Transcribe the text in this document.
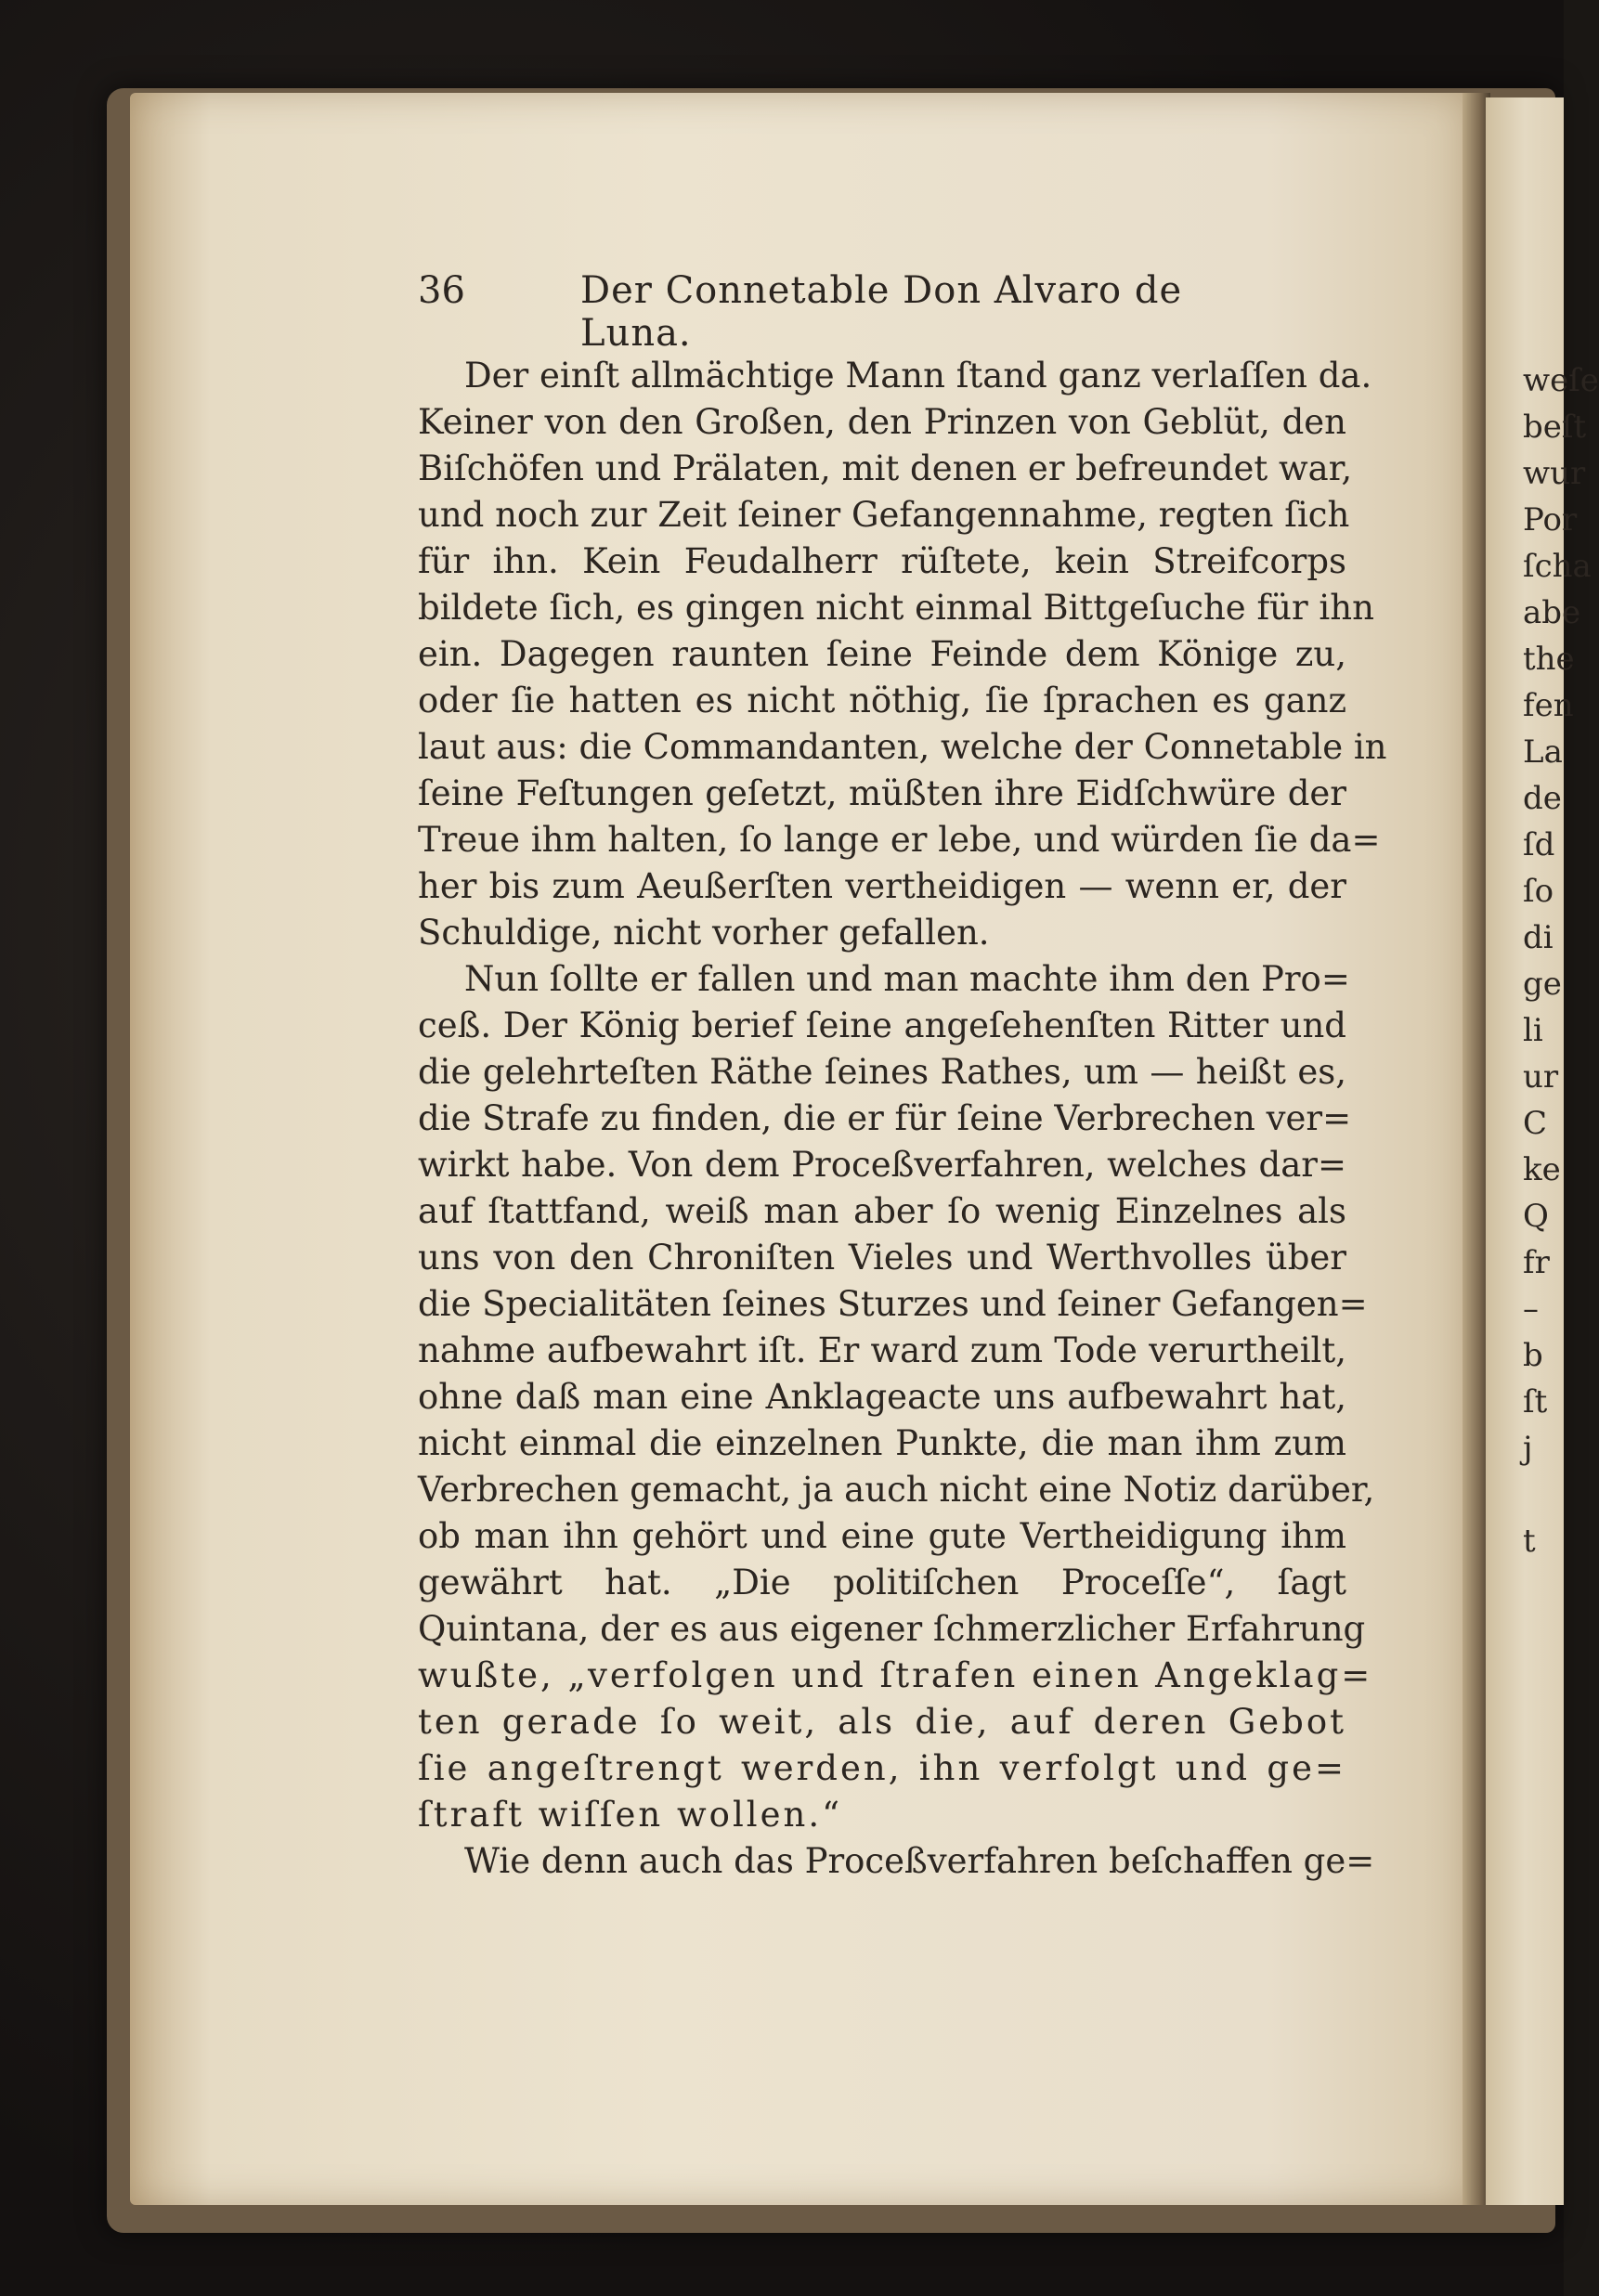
weſe
beſt
wur
Por
ſcha
abe
the
fen
La
de
ſd
ſo
di
ge
li
ur
C
ke
Q
fr
–
b
ſt
j
t
36	Der Connetable Don Alvaro de Luna.
Der einſt allmächtige Mann ſtand ganz verlaſſen da.
Keiner von den Großen, den Prinzen von Geblüt, den
Biſchöfen und Prälaten, mit denen er befreundet war,
und noch zur Zeit ſeiner Gefangennahme, regten ſich
für ihn. Kein Feudalherr rüſtete, kein Streifcorps
bildete ſich, es gingen nicht einmal Bittgeſuche für ihn
ein. Dagegen raunten ſeine Feinde dem Könige zu,
oder ſie hatten es nicht nöthig, ſie ſprachen es ganz
laut aus: die Commandanten, welche der Connetable in
ſeine Feſtungen geſetzt, müßten ihre Eidſchwüre der
Treue ihm halten, ſo lange er lebe, und würden ſie da=
her bis zum Aeußerſten vertheidigen — wenn er, der
Schuldige, nicht vorher gefallen.
Nun ſollte er fallen und man machte ihm den Pro=
ceß. Der König berief ſeine angeſehenſten Ritter und
die gelehrteſten Räthe ſeines Rathes, um — heißt es,
die Strafe zu finden, die er für ſeine Verbrechen ver=
wirkt habe. Von dem Proceßverfahren, welches dar=
auf ſtattfand, weiß man aber ſo wenig Einzelnes als
uns von den Chroniſten Vieles und Werthvolles über
die Specialitäten ſeines Sturzes und ſeiner Gefangen=
nahme aufbewahrt iſt. Er ward zum Tode verurtheilt,
ohne daß man eine Anklageacte uns aufbewahrt hat,
nicht einmal die einzelnen Punkte, die man ihm zum
Verbrechen gemacht, ja auch nicht eine Notiz darüber,
ob man ihn gehört und eine gute Vertheidigung ihm
gewährt hat. „Die politiſchen Proceſſe“, ſagt
Quintana, der es aus eigener ſchmerzlicher Erfahrung
wußte, „verfolgen und ſtrafen einen Angeklag=
ten gerade ſo weit, als die, auf deren Gebot
ſie angeſtrengt werden, ihn verfolgt und ge=
ſtraft wiſſen wollen.“
Wie denn auch das Proceßverfahren beſchaffen ge=
